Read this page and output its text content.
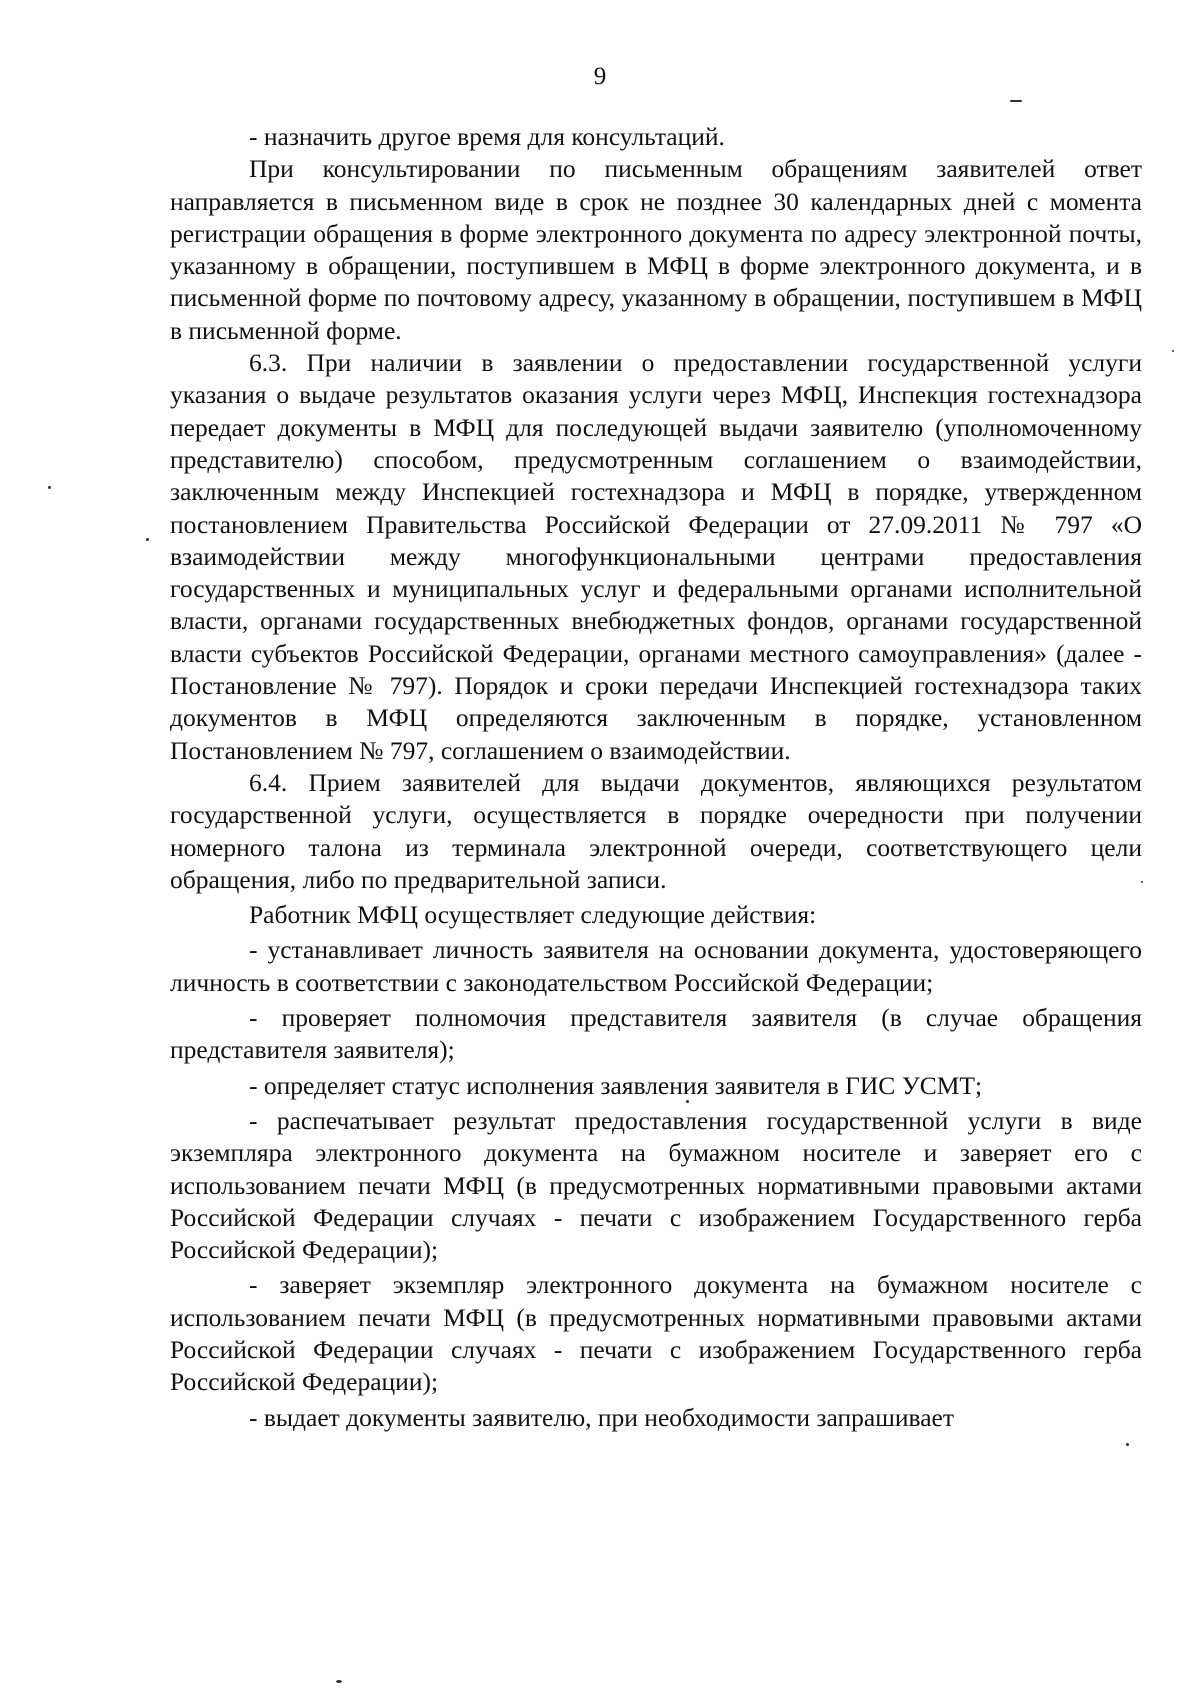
9

- назначить другое время для консультаций.

При консультировании по письменным обращениям заявителей ответ направляется в письменном виде в срок не позднее 30 календарных дней с момента регистрации обращения в форме электронного документа по адресу электронной почты, указанному в обращении, поступившем в МФЦ в форме электронного документа, и в письменной форме по почтовому адресу, указанному в обращении, поступившем в МФЦ в письменной форме.

6.3. При наличии в заявлении о предоставлении государственной услуги указания о выдаче результатов оказания услуги через МФЦ, Инспекция гостехнадзора передает документы в МФЦ для последующей выдачи заявителю (уполномоченному представителю) способом, предусмотренным соглашением о взаимодействии, заключенным между Инспекцией гостехнадзора и МФЦ в порядке, утвержденном постановлением Правительства Российской Федерации от 27.09.2011 № 797 «О взаимодействии между многофункциональными центрами предоставления государственных и муниципальных услуг и федеральными органами исполнительной власти, органами государственных внебюджетных фондов, органами государственной власти субъектов Российской Федерации, органами местного самоуправления» (далее - Постановление № 797). Порядок и сроки передачи Инспекцией гостехнадзора таких документов в МФЦ определяются заключенным в порядке, установленном Постановлением № 797, соглашением о взаимодействии.

6.4. Прием заявителей для выдачи документов, являющихся результатом государственной услуги, осуществляется в порядке очередности при получении номерного талона из терминала электронной очереди, соответствующего цели обращения, либо по предварительной записи.

Работник МФЦ осуществляет следующие действия:

- устанавливает личность заявителя на основании документа, удостоверяющего личность в соответствии с законодательством Российской Федерации;

- проверяет полномочия представителя заявителя (в случае обращения представителя заявителя);

- определяет статус исполнения заявления заявителя в ГИС УСМТ;

- распечатывает результат предоставления государственной услуги в виде экземпляра электронного документа на бумажном носителе и заверяет его с использованием печати МФЦ (в предусмотренных нормативными правовыми актами Российской Федерации случаях - печати с изображением Государственного герба Российской Федерации);

- заверяет экземпляр электронного документа на бумажном носителе с использованием печати МФЦ (в предусмотренных нормативными правовыми актами Российской Федерации случаях - печати с изображением Государственного герба Российской Федерации);

- выдает документы заявителю, при необходимости запрашивает
